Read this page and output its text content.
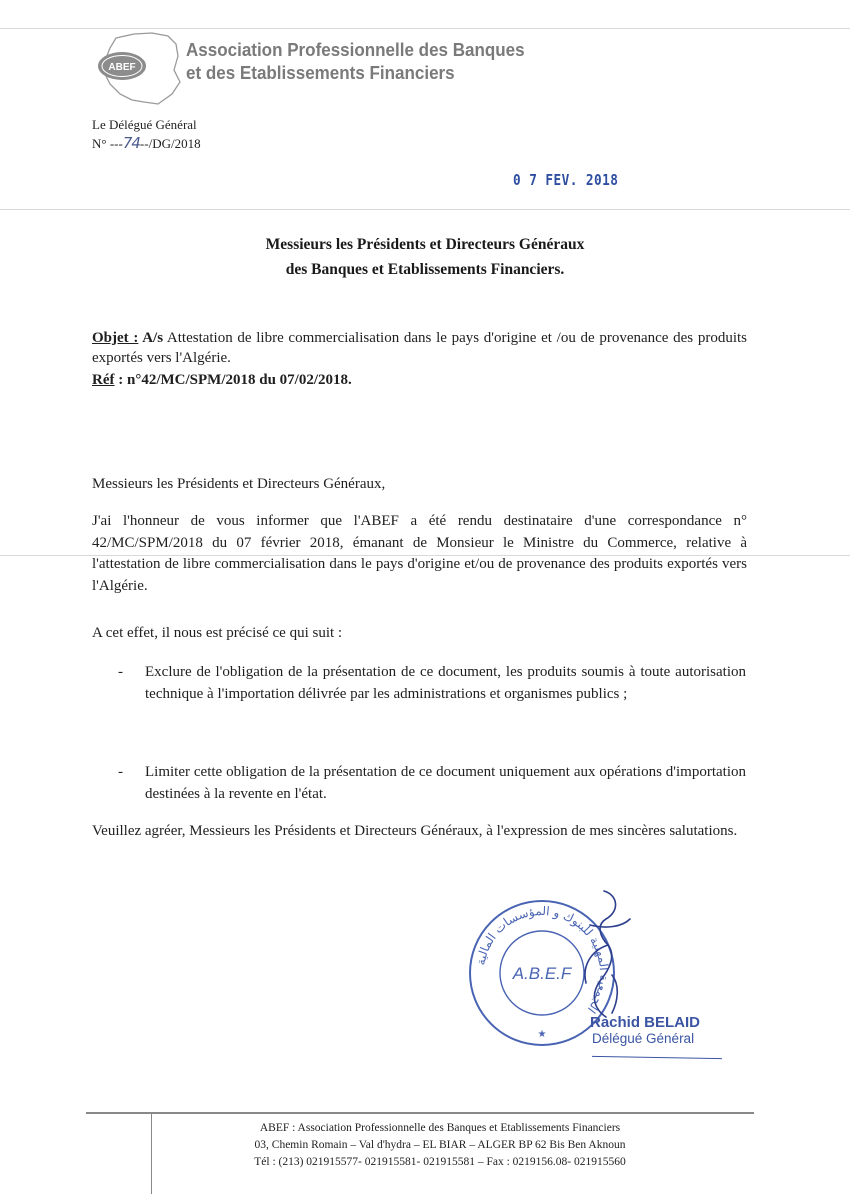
ABEF
Association Professionnelle des Banques
et des Etablissements Financiers
Le Délégué Général
N° ---74--/DG/2018
0 7 FEV. 2018
Messieurs les Présidents et Directeurs Généraux
des Banques et Etablissements Financiers.
Objet : A/s Attestation de libre commercialisation dans le pays d'origine et /ou de provenance des produits exportés vers l'Algérie.
Réf : n°42/MC/SPM/2018 du 07/02/2018.
Messieurs les Présidents et Directeurs Généraux,
J'ai l'honneur de vous informer que l'ABEF a été rendu destinataire d'une correspondance n° 42/MC/SPM/2018 du 07 février 2018, émanant de Monsieur le Ministre du Commerce, relative à l'attestation de libre commercialisation dans le pays d'origine et/ou de provenance des produits exportés vers l'Algérie.
A cet effet, il nous est précisé ce qui suit :
- Exclure de l'obligation de la présentation de ce document, les produits soumis à toute autorisation technique à l'importation délivrée par les administrations et organismes publics ;
- Limiter cette obligation de la présentation de ce document uniquement aux opérations d'importation destinées à la revente en l'état.
Veuillez agréer, Messieurs les Présidents et Directeurs Généraux, à l'expression de mes sincères salutations.
الجمعية المهنية للبنوك و المؤسسات المالية
A.B.E.F
★
Rachid BELAID
Délégué Général
ABEF : Association Professionnelle des Banques et Etablissements Financiers
03, Chemin Romain – Val d'hydra – EL BIAR – ALGER BP 62 Bis Ben Aknoun
Tél : (213) 021915577- 021915581- 021915581 – Fax : 0219156.08- 021915560
